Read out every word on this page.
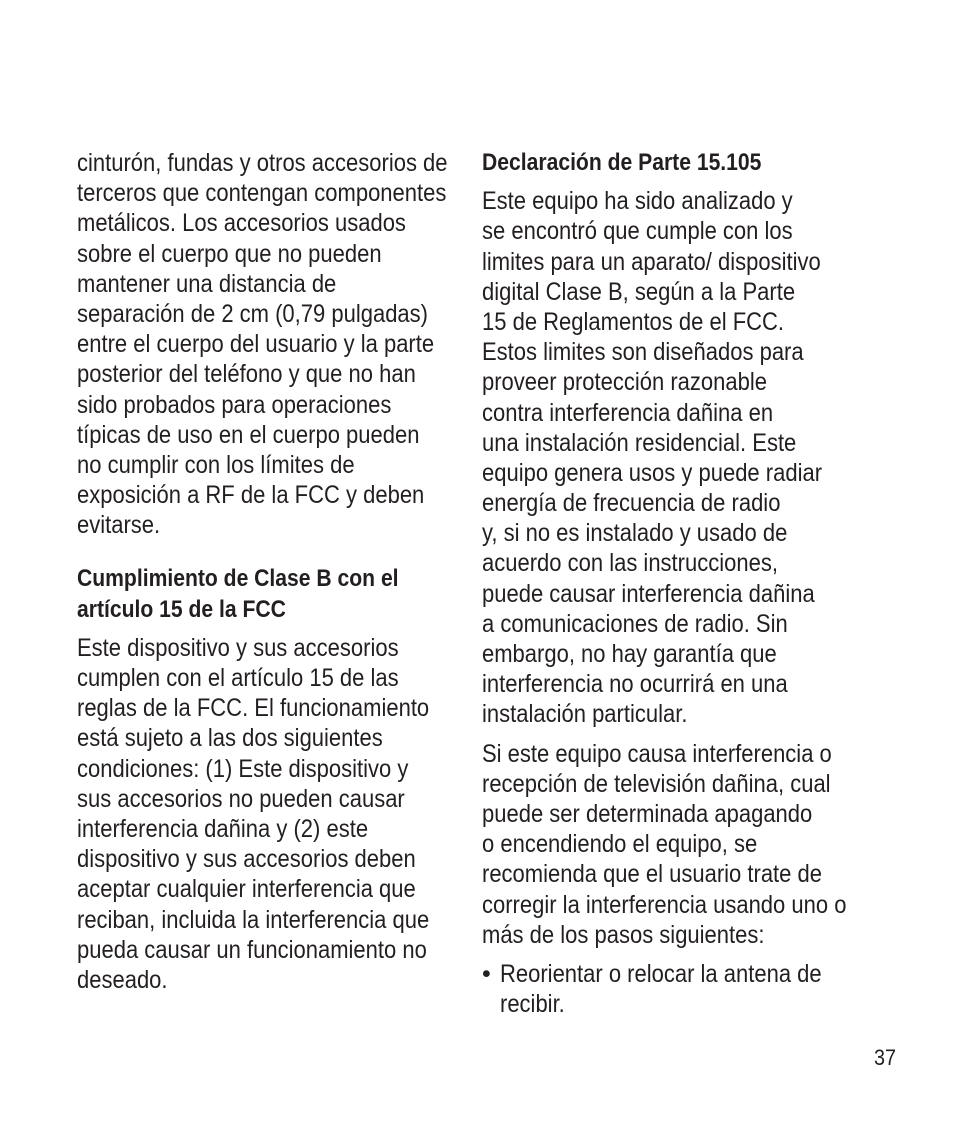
cinturón, fundas y otros accesorios de
terceros que contengan componentes
metálicos. Los accesorios usados
sobre el cuerpo que no pueden
mantener una distancia de
separación de 2 cm (0,79 pulgadas)
entre el cuerpo del usuario y la parte
posterior del teléfono y que no han
sido probados para operaciones
típicas de uso en el cuerpo pueden
no cumplir con los límites de
exposición a RF de la FCC y deben
evitarse.
Cumplimiento de Clase B con el
artículo 15 de la FCC
Este dispositivo y sus accesorios
cumplen con el artículo 15 de las
reglas de la FCC. El funcionamiento
está sujeto a las dos siguientes
condiciones: (1) Este dispositivo y
sus accesorios no pueden causar
interferencia dañina y (2) este
dispositivo y sus accesorios deben
aceptar cualquier interferencia que
reciban, incluida la interferencia que
pueda causar un funcionamiento no
deseado.
Declaración de Parte 15.105
Este equipo ha sido analizado y
se encontró que cumple con los
limites para un aparato/ dispositivo
digital Clase B, según a la Parte
15 de Reglamentos de el FCC.
Estos limites son diseñados para
proveer protección razonable
contra interferencia dañina en
una instalación residencial. Este
equipo genera usos y puede radiar
energía de frecuencia de radio
y, si no es instalado y usado de
acuerdo con las instrucciones,
puede causar interferencia dañina
a comunicaciones de radio. Sin
embargo, no hay garantía que
interferencia no ocurrirá en una
instalación particular.
Si este equipo causa interferencia o
recepción de televisión dañina, cual
puede ser determinada apagando
o encendiendo el equipo, se
recomienda que el usuario trate de
corregir la interferencia usando uno o
más de los pasos siguientes:
• Reorientar o relocar la antena de
recibir.
37
